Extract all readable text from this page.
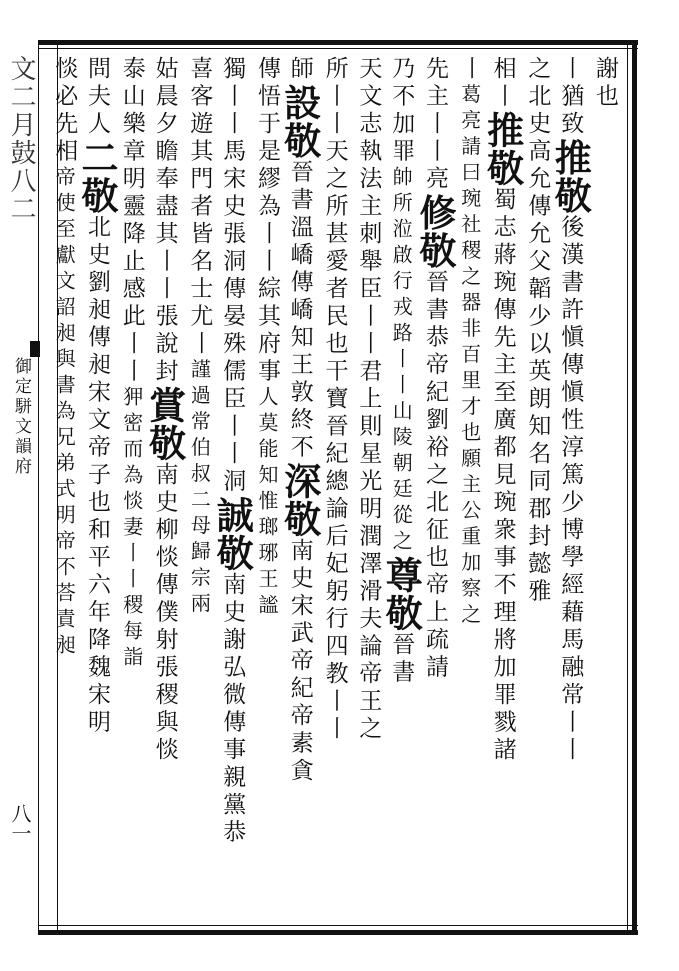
文二月鼓八二
御定駢文韻府
八一
謝也
丨猶致推敬後漢書許愼傳愼性淳篤少博學經藉馬融常丨丨
之北史高允傳允父韜少以英朗知名同郡封懿雅
相丨推敬蜀志蔣琬傳先主至廣都見琬衆事不理將加罪戮諸
丨葛亮請曰琬社稷之器非百里才也願主公重加察之
先主丨丨亮修敬晉書恭帝紀劉裕之北征也帝上疏請
乃不加罪帥所涖啟行戎路丨丨山陵朝廷從之尊敬晉書
天文志執法主刺舉臣丨丨君上則星光明潤澤滑夫論帝王之
所丨丨天之所甚愛者民也干寶晉紀總論后妃躬行四教丨丨
師設敬晉書溫嶠傳嶠知王敦終不深敬南史宋武帝紀帝素貪
傳悟于是繆為丨丨綜其府事人莫能知惟瑯琊王謐
獨丨丨馬宋史張洞傳晏殊儒臣丨丨洞誠敬南史謝弘微傳事親黨恭
喜客遊其門者皆名士尤丨謹過常伯叔二母歸宗兩
姑晨夕瞻奉盡其丨丨張說封賞敬南史柳惔傳僕射張稷與惔
泰山樂章明靈降止感此丨丨狎密而為惔妻丨丨稷每詣
問夫人二敬北史劉昶傳昶宋文帝子也和平六年降魏宋明
惔必先相帝使至獻文詔昶與書為兄弟式明帝不荅責昶
